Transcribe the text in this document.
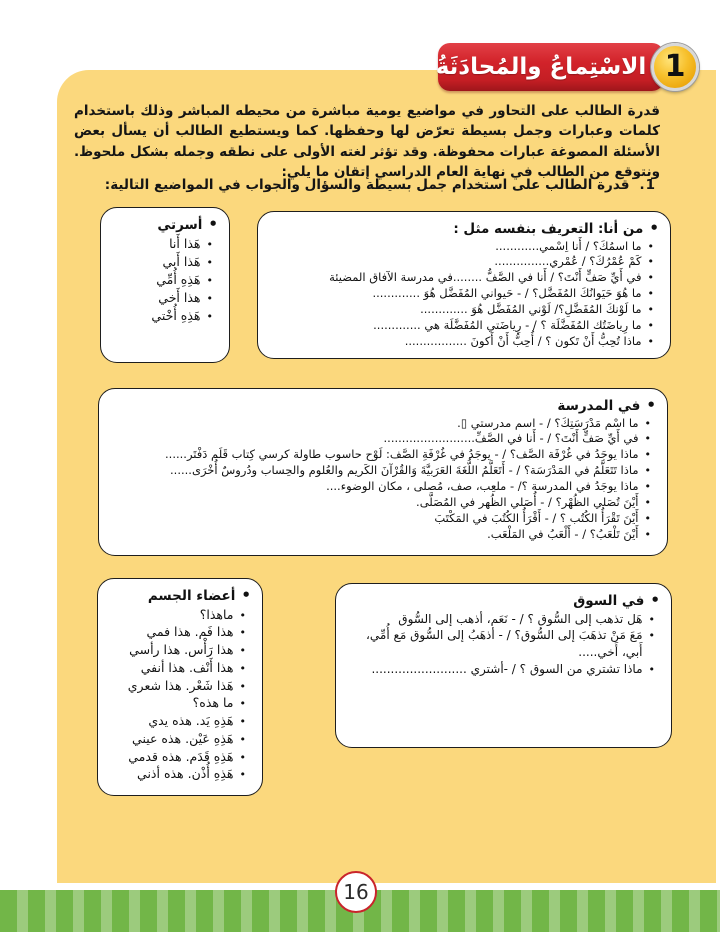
الاسْتِماعُ والمُحادَثَةُ 1

قدرة الطالب على التحاور في مواضيع يومية مباشرة من محيطه المباشر وذلك باستخدام كلمات وعبارات وجمل بسيطة تعرّض لها وحفظها. كما ويستطيع الطالب أن يسأل بعض الأسئلة المصوغة عبارات محفوظة. وقد تؤثر لغته الأولى على نطقه وجمله بشكل ملحوظ. ونتوقع من الطالب في نهاية العام الدراسي إتقان ما يلي:

1.
قدرة الطالب على استخدام جمل بسيطة والسؤال والجواب في المواضيع التالية:
•
من أنا: التعريف بنفسه مثل :
•
ما اسمُكَ؟ / أَنا اِسْمي............
•
كَمْ عُمْرُكَ؟ / عُمْري...............
•
في أَيِّ صَفٍّ أَنْتَ؟ / أَنا في الصَّفُّ ........في مدرسة الآفاق المضيئة
•
ما هُوَ حَيَوانُكَ المُفَضَّل؟ / - حَيواني المُفَضَّل هُوَ .............
•
ما لَوْنكَ المُفَضَّلِ؟/ لَوْني المُفَضَّل هُوَ .............
•
ما رِياضَتُك المُفَضَّلَة ؟ / - رِياضَتي المُفَضَّلَة هي .............
•
ماذا تُحِبُّ أَنْ تَكون ؟ / أُحِبُّ أَنْ أَكونَ .................
•
أسرتي
•
هَذا أَنا
•
هَذا أَبي
•
هَذِهِ أُمِّي
•
هذا أَخي
•
هَذِهِ أُخْتي
•
في المدرسة
•
ما اسْم مَدْرَسَتِكَ؟ / - اسم مدرستي ▯.
•
في أَيِّ صَفٍّ أَنْتَ؟ / - أَنا في الصَّفِّ.........................
•
ماذا يوجَدُ في غُرْفَة الصَّف؟ / - يوجَدُ في غُرْفَةِ الصَّف: لَوْح حاسوب طاولة كرسي كِتاب قَلَم دَفْتَر......
•
ماذا تَتَعَلَّمُ في المَدْرَسَة؟ / - أَتَعَلَّمُ اللُّغَةَ العَرَبيَّةَ وَالقُرْآنَ الكَريم والعُلوم والحِساب ودُروسٌ أُخْرَى......
•
ماذا يوجَدُ في المدرسة ؟/ - ملعِب، صف، مُصلى ، مكان الوضوء....
•
أَيْنَ تُصَلي الظُهْر؟ / - أُصَلي الظُهر في المُصَلَّى.
•
أَيْنَ تَقْرَأُ الكُتُب ؟ / - أَقْرَأُ الكُتُبَ في المَكْتَبَ
•
أَيْنَ تَلْعَبُ؟ / - أَلْعَبُ في المَلْعَب.
•
أعضاء الجسم
•
ماهذا؟
•
هذا فَم. هذا فمي
•
هذا رَأْس. هذا رأسي
•
هذا أَنْف. هذا أنفي
•
هَذا شَعْر. هذا شعري
•
ما هذه؟
•
هَذِهِ يَد. هذه يدي
•
هَذِهِ عَيْن. هذه عيني
•
هَذِهِ قَدَم. هذه قدمي
•
هَذِهِ أُذْن. هذه أذني
•
في السوق
•
هَل تذهب إلى السُّوق ؟ / - نَعَم، أذهب إلى السُّوق
•
مَعَ مَنْ تذهَبَ إلى السُّوق؟ / - أذهَبُ إلى السُّوق مَع أُمِّي، أَبي، أَخي.....
•
ماذا تشتري من السوق ؟ / -أشتري .........................
16
